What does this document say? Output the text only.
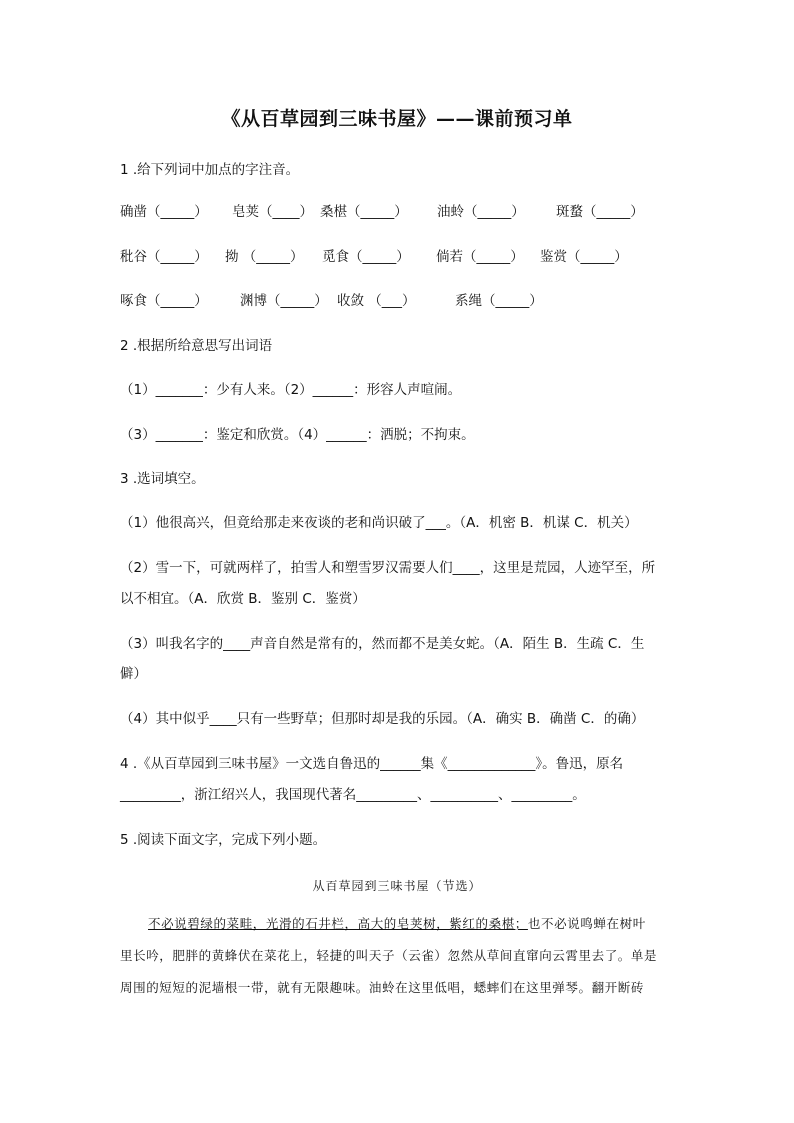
《从百草园到三味书屋》——课前预习单
1 .给下列词中加点的字注音。
确凿（_____） 皂荚（____） 桑椹（_____） 油蛉（_____） 斑蝥（_____）
秕谷（_____） 拗 （_____） 觅食（_____） 倘若（_____） 鉴赏（_____）
啄食（_____） 渊博（_____） 收敛 （___）	系绳（_____）
2 .根据所给意思写出词语
（1）_______：少有人来。（2）______：形容人声喧闹。
（3）_______：鉴定和欣赏。（4）______：洒脱；不拘束。
3 .选词填空。
（1）他很高兴，但竟给那走来夜谈的老和尚识破了___。（A．机密 B．机谋 C．机关）
（2）雪一下，可就两样了，拍雪人和塑雪罗汉需要人们____，这里是荒园，人迹罕至，所
以不相宜。（A．欣赏 B．鉴别 C．鉴赏）
（3）叫我名字的____声音自然是常有的，然而都不是美女蛇。（A．陌生 B．生疏 C．生
僻）
（4）其中似乎____只有一些野草；但那时却是我的乐园。（A．确实 B．确凿 C．的确）
4 .《从百草园到三味书屋》一文选自鲁迅的______集《_____________》。鲁迅，原名
_________，浙江绍兴人，我国现代著名_________、__________、_________。
5 .阅读下面文字，完成下列小题。
从百草园到三味书屋（节选）
不必说碧绿的菜畦，光滑的石井栏，高大的皂荚树，紫红的桑椹；也不必说鸣蝉在树叶
里长吟，肥胖的黄蜂伏在菜花上，轻捷的叫天子（云雀）忽然从草间直窜向云霄里去了。单是
周围的短短的泥墙根一带，就有无限趣味。油蛉在这里低唱，蟋蟀们在这里弹琴。翻开断砖
